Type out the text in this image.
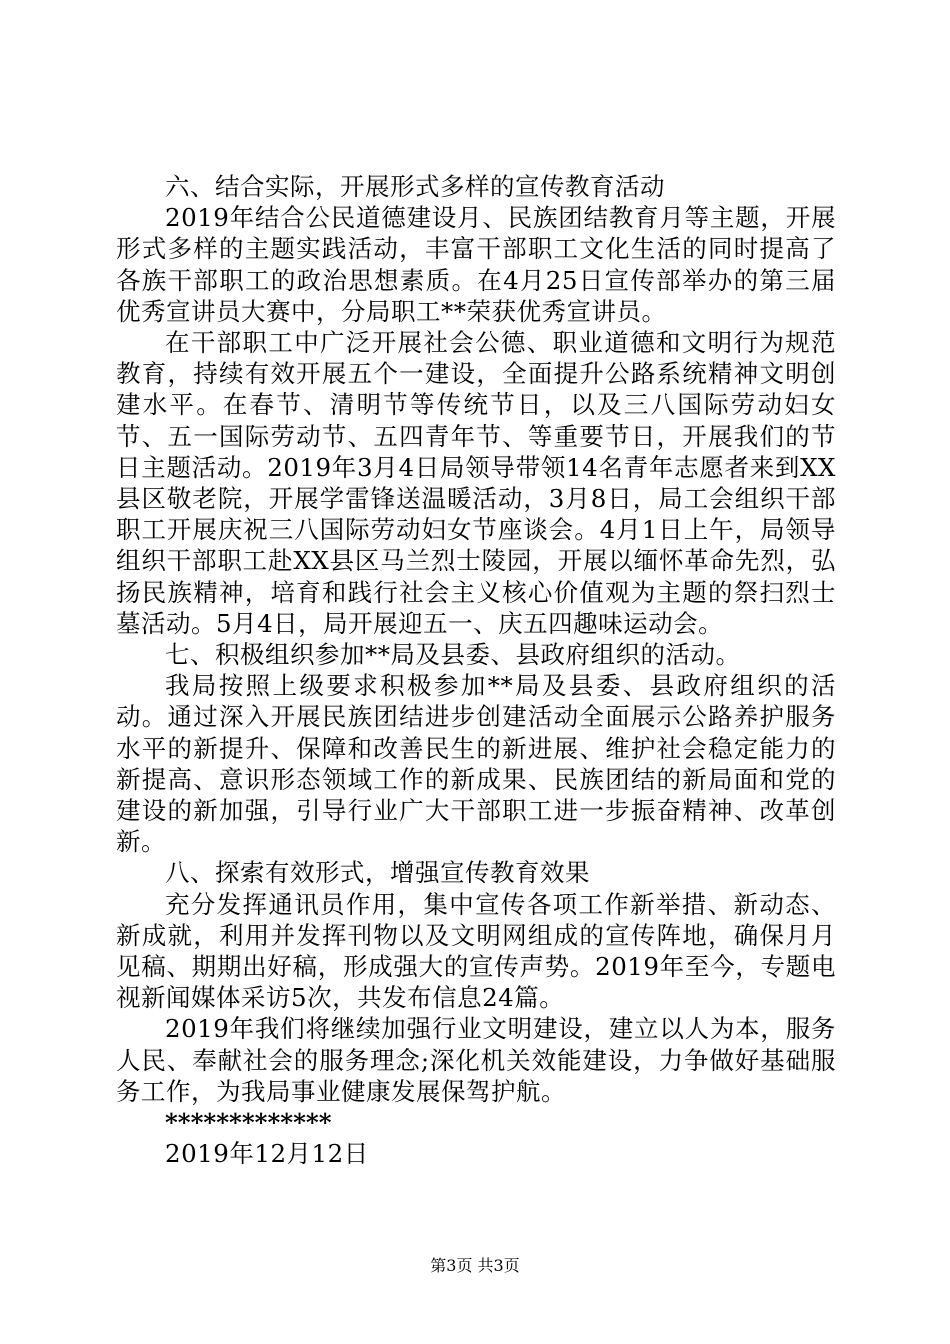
六、结合实际，开展形式多样的宣传教育活动

2019年结合公民道德建设月、民族团结教育月等主题，开展形式多样的主题实践活动，丰富干部职工文化生活的同时提高了各族干部职工的政治思想素质。在4月25日宣传部举办的第三届优秀宣讲员大赛中，分局职工**荣获优秀宣讲员。

在干部职工中广泛开展社会公德、职业道德和文明行为规范教育，持续有效开展五个一建设，全面提升公路系统精神文明创建水平。在春节、清明节等传统节日，以及三八国际劳动妇女节、五一国际劳动节、五四青年节、等重要节日，开展我们的节日主题活动。2019年3月4日局领导带领14名青年志愿者来到XX县区敬老院，开展学雷锋送温暖活动，3月8日，局工会组织干部职工开展庆祝三八国际劳动妇女节座谈会。4月1日上午，局领导组织干部职工赴XX县区马兰烈士陵园，开展以缅怀革命先烈，弘扬民族精神，培育和践行社会主义核心价值观为主题的祭扫烈士墓活动。5月4日，局开展迎五一、庆五四趣味运动会。

七、积极组织参加**局及县委、县政府组织的活动。

我局按照上级要求积极参加**局及县委、县政府组织的活动。通过深入开展民族团结进步创建活动全面展示公路养护服务水平的新提升、保障和改善民生的新进展、维护社会稳定能力的新提高、意识形态领域工作的新成果、民族团结的新局面和党的建设的新加强，引导行业广大干部职工进一步振奋精神、改革创新。

八、探索有效形式，增强宣传教育效果

充分发挥通讯员作用，集中宣传各项工作新举措、新动态、新成就，利用并发挥刊物以及文明网组成的宣传阵地，确保月月见稿、期期出好稿，形成强大的宣传声势。2019年至今，专题电视新闻媒体采访5次，共发布信息24篇。

2019年我们将继续加强行业文明建设，建立以人为本，服务人民、奉献社会的服务理念;深化机关效能建设，力争做好基础服务工作，为我局事业健康发展保驾护航。

*************

2019年12月12日

第3页 共3页
